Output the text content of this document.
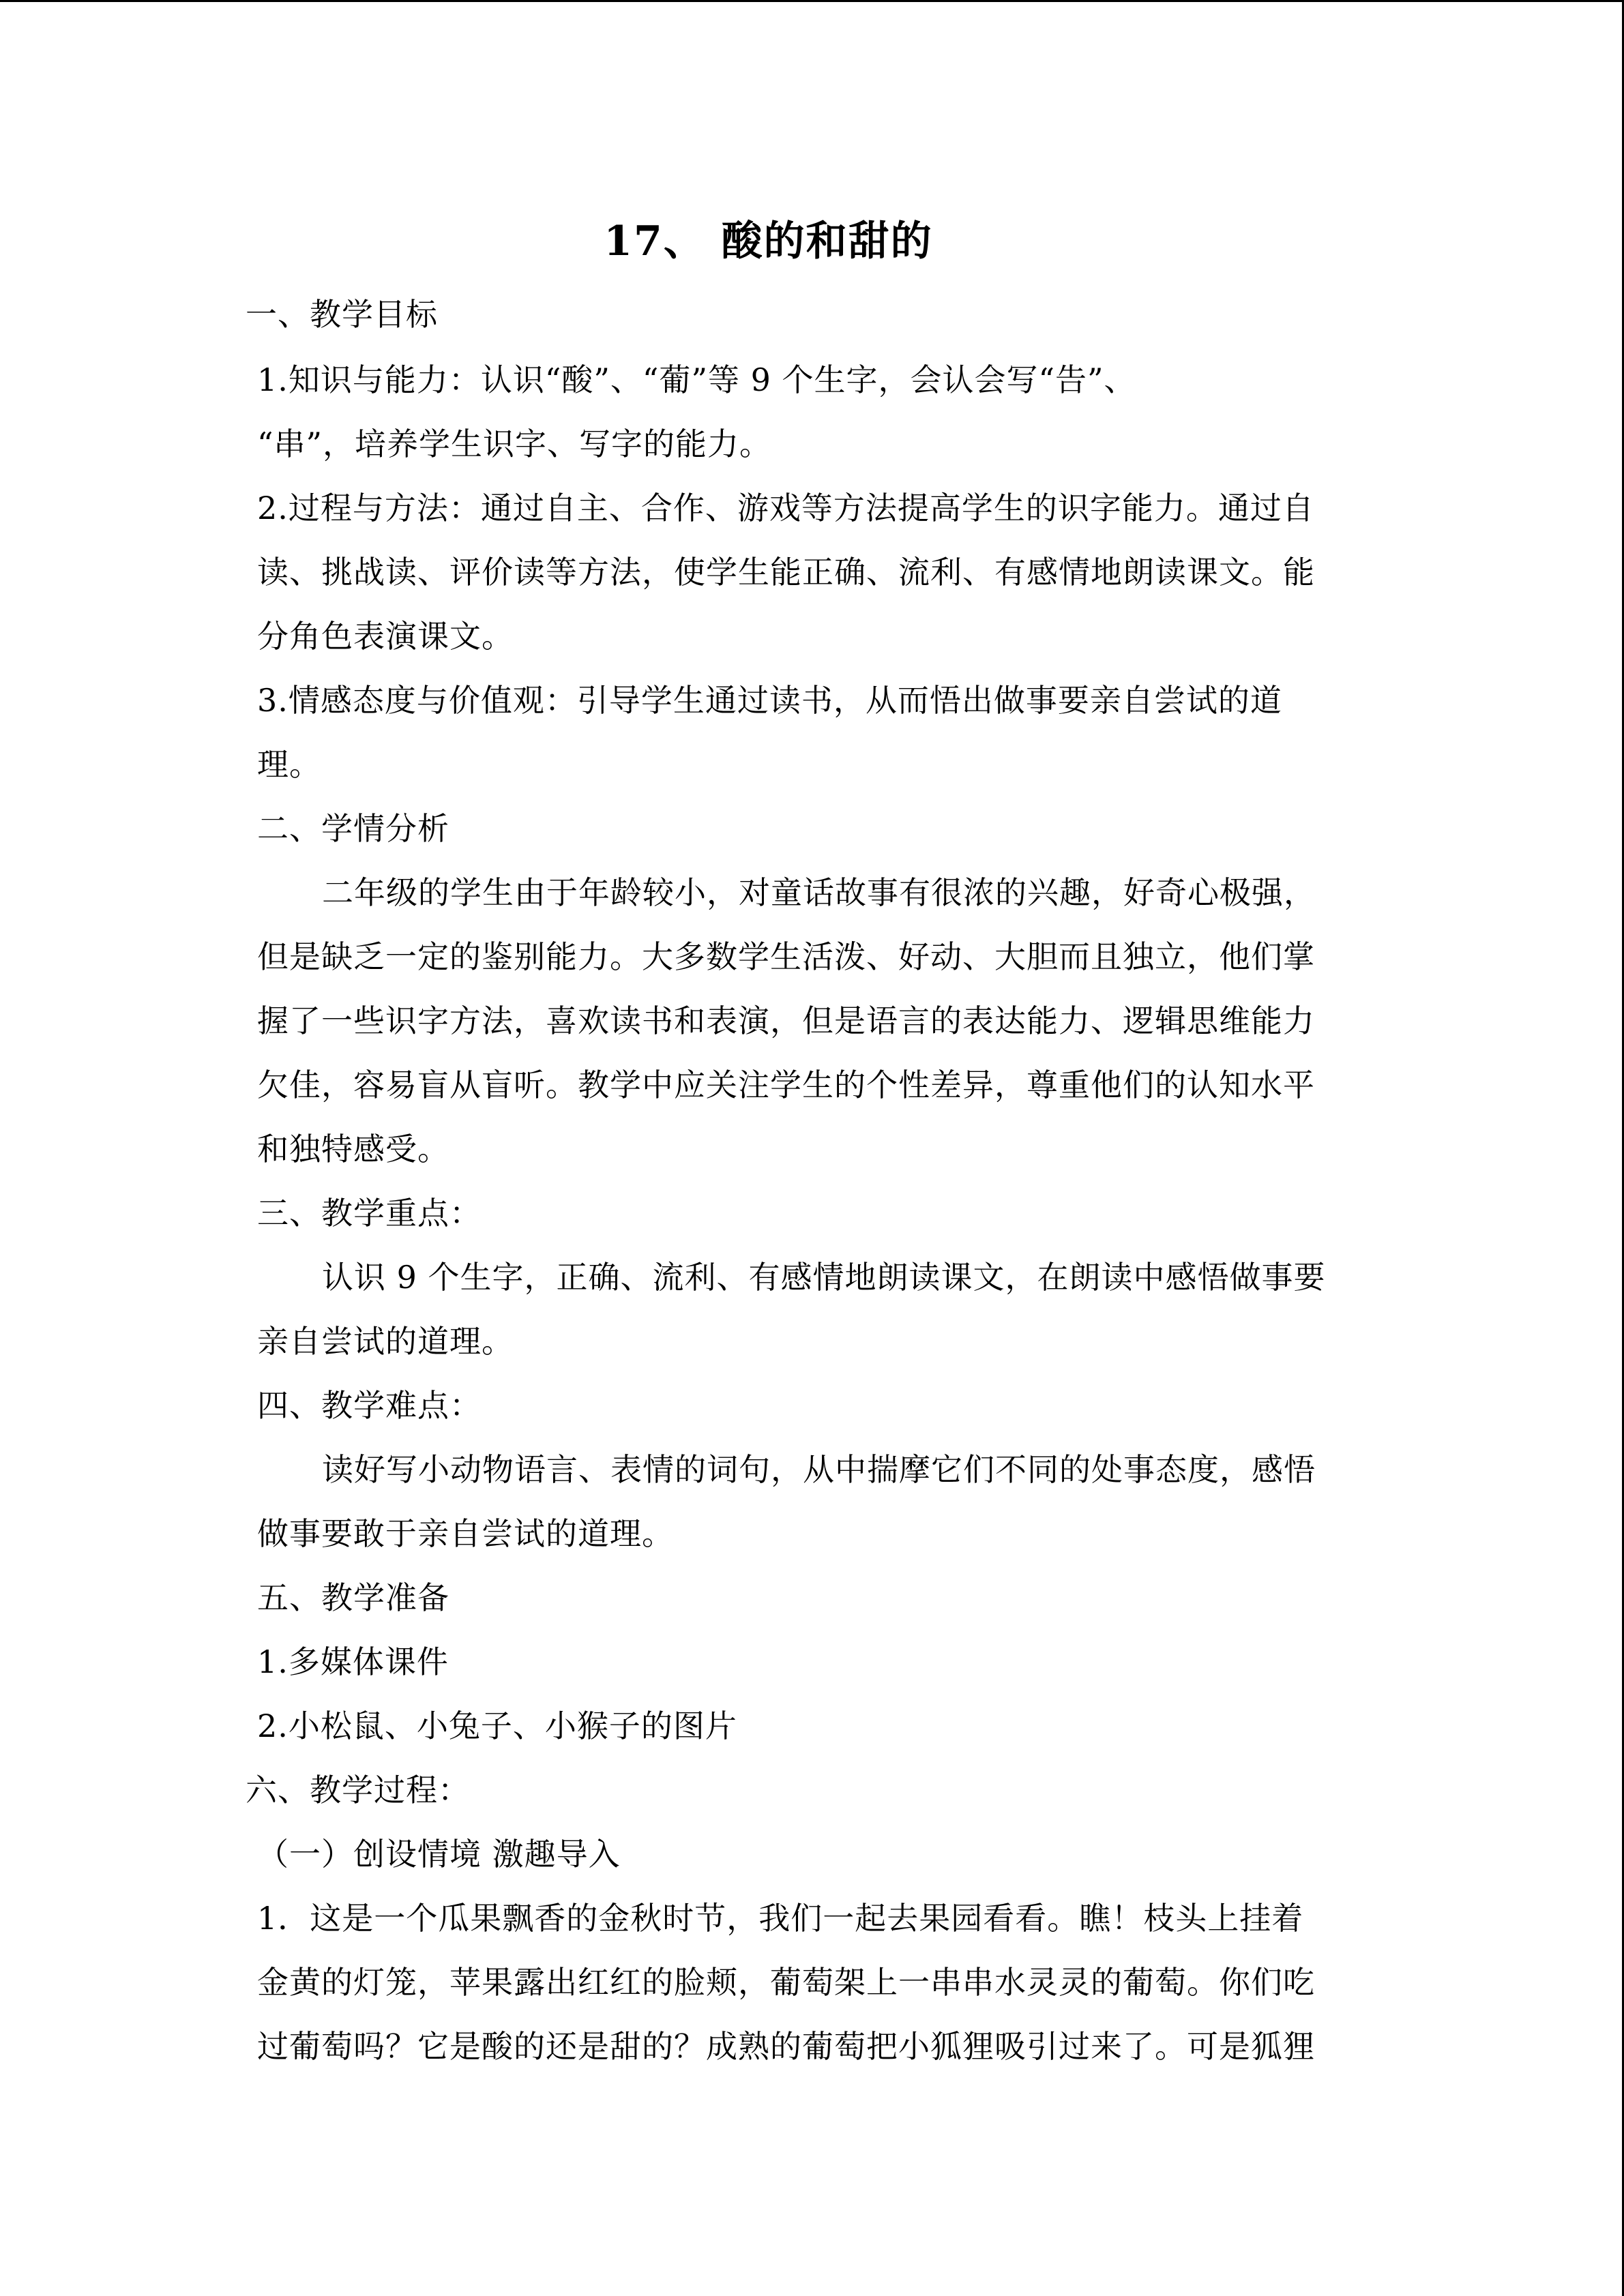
17、 酸的和甜的
一、教学目标
1.知识与能力：认识“酸”、“葡”等 9 个生字，会认会写“告”、
“串”，培养学生识字、写字的能力。
2.过程与方法：通过自主、合作、游戏等方法提高学生的识字能力。通过自
读、挑战读、评价读等方法，使学生能正确、流利、有感情地朗读课文。能
分角色表演课文。
3.情感态度与价值观：引导学生通过读书，从而悟出做事要亲自尝试的道
理。
二、学情分析
二年级的学生由于年龄较小，对童话故事有很浓的兴趣，好奇心极强，
但是缺乏一定的鉴别能力。大多数学生活泼、好动、大胆而且独立，他们掌
握了一些识字方法，喜欢读书和表演，但是语言的表达能力、逻辑思维能力
欠佳，容易盲从盲听。教学中应关注学生的个性差异，尊重他们的认知水平
和独特感受。
三、教学重点：
认识 9 个生字，正确、流利、有感情地朗读课文，在朗读中感悟做事要
亲自尝试的道理。
四、教学难点：
读好写小动物语言、表情的词句，从中揣摩它们不同的处事态度，感悟
做事要敢于亲自尝试的道理。
五、教学准备
1.多媒体课件
2.小松鼠、小兔子、小猴子的图片
六、教学过程：
（一）创设情境 激趣导入
1．这是一个瓜果飘香的金秋时节，我们一起去果园看看。瞧！枝头上挂着
金黄的灯笼，苹果露出红红的脸颊，葡萄架上一串串水灵灵的葡萄。你们吃
过葡萄吗？它是酸的还是甜的？成熟的葡萄把小狐狸吸引过来了。可是狐狸
